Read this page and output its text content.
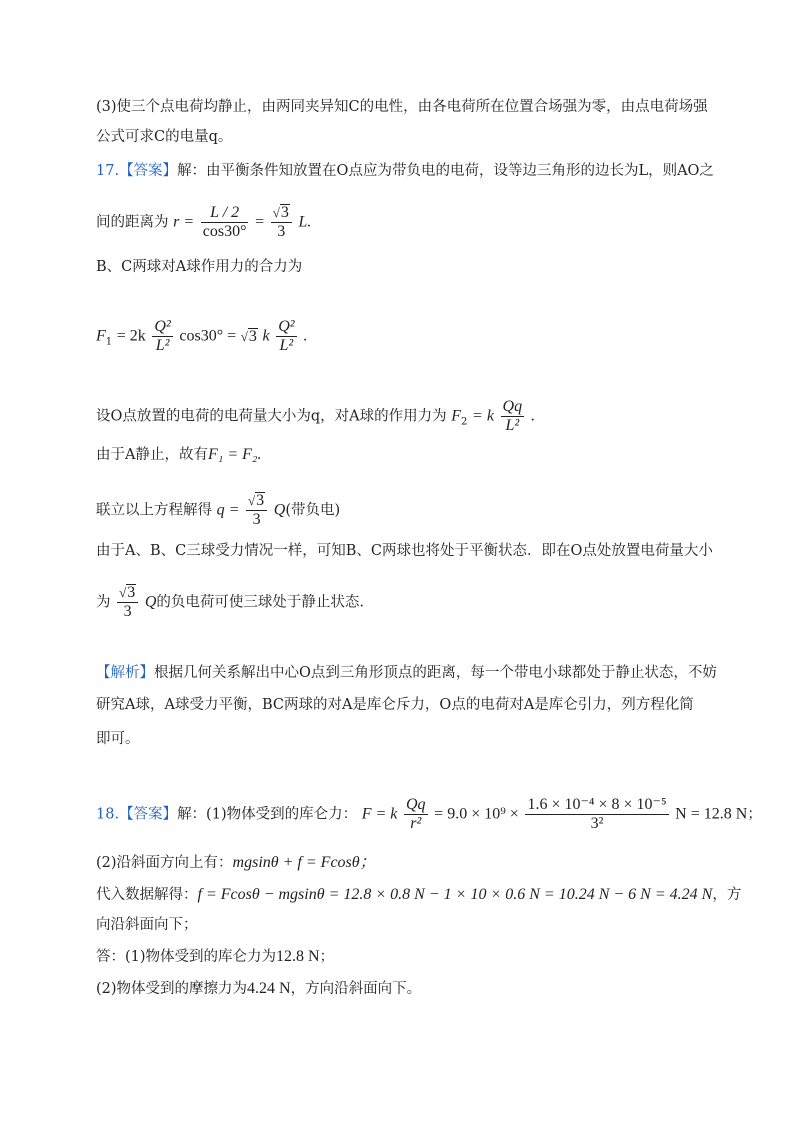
(3)使三个点电荷均静止，由两同夹异知C的电性，由各电荷所在位置合场强为零，由点电荷场强
公式可求C的电量q。
17.【答案】解：由平衡条件知放置在O点应为带负电的电荷，设等边三角形的边长为L，则AO之
间的距离为 $r = \frac{L / 2}{\cos 30^\circ} = \frac{√3}{3} L$.
B、C两球对A球作用力的合力为
$F_1 = 2k \frac{\text{Q²}}{\text{L²}} \cos 30^\circ = √3$ k $\frac{\text{Q²}}{\text{L²}}$ .
设O点放置的电荷的电荷量大小为q，对A球的作用力为 $F_2 = k \frac{Qq}{\text{L²}}$ .
由于A静止，故有F₁ = F₂.
联立以上方程解得 $q = \frac{√3}{3} Q$(带负电)
由于A、B、C三球受力情况一样，可知B、C两球也将处于平衡状态．即在O点处放置电荷量大小
为 $\frac{√3}{3}$ Q的负电荷可使三球处于静止状态.
【解析】根据几何关系解出中心O点到三角形顶点的距离，每一个带电小球都处于静止状态，不妨
研究A球，A球受力平衡，BC两球的对A是库仑斥力，O点的电荷对A是库仑引力，列方程化简
即可。
18.【答案】解：(1)物体受到的库仑力： F = k $\frac{Qq}{\text{r²}} = 9.0 \times 10^9 \times \frac{\text{1.6 × 10⁻⁴ × 8 × 10⁻⁵}}{\text{3²}}$ N = 12.8 N；
(2)沿斜面方向上有：mgsinθ + f = Fcosθ；
代入数据解得：f = Fcosθ − mgsinθ = 12.8 × 0.8 N − 1 × 10 × 0.6 N = 10.24 N − 6 N = 4.24 N，方
向沿斜面向下；
答：(1)物体受到的库仑力为12.8 N；
(2)物体受到的摩擦力为4.24 N，方向沿斜面向下。
